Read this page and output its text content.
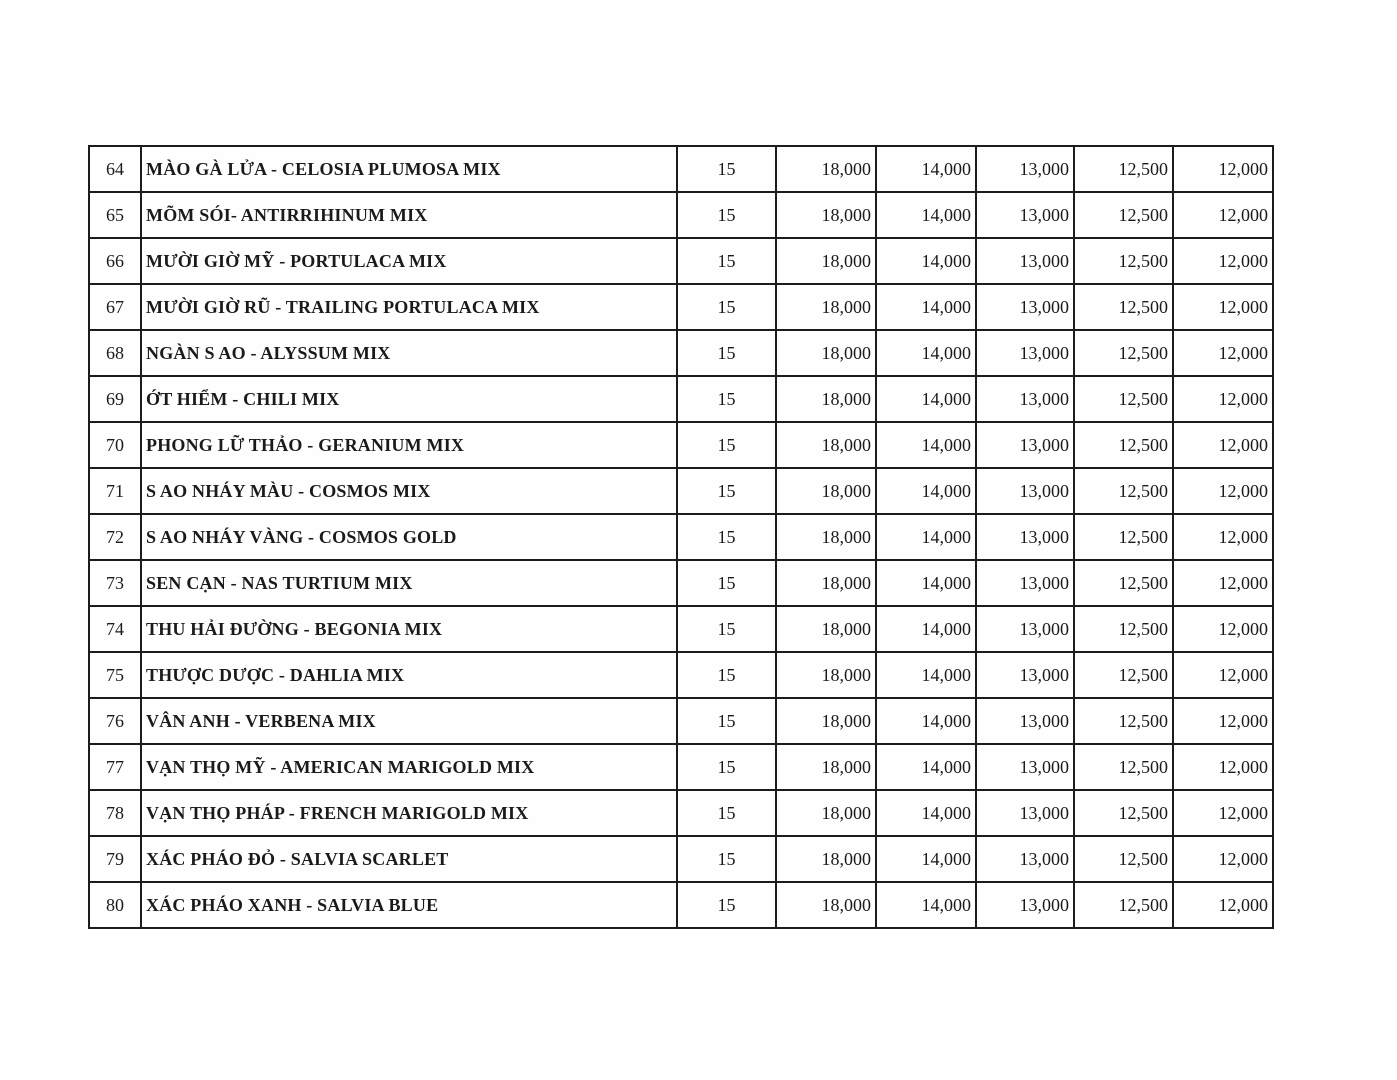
64	MÀO GÀ LỬA - CELOSIA PLUMOSA MIX	15	18,000	14,000	13,000	12,500	12,000
65	MÕM SÓI- ANTIRRIHINUM MIX	15	18,000	14,000	13,000	12,500	12,000
66	MƯỜI GIỜ MỸ - PORTULACA MIX	15	18,000	14,000	13,000	12,500	12,000
67	MƯỜI GIỜ RŨ - TRAILING PORTULACA MIX	15	18,000	14,000	13,000	12,500	12,000
68	NGÀN S AO - ALYSSUM MIX	15	18,000	14,000	13,000	12,500	12,000
69	ỚT HIỂM - CHILI MIX	15	18,000	14,000	13,000	12,500	12,000
70	PHONG LỮ THẢO - GERANIUM MIX	15	18,000	14,000	13,000	12,500	12,000
71	S AO NHÁY MÀU - COSMOS MIX	15	18,000	14,000	13,000	12,500	12,000
72	S AO NHÁY VÀNG - COSMOS GOLD	15	18,000	14,000	13,000	12,500	12,000
73	SEN CẠN - NAS TURTIUM MIX	15	18,000	14,000	13,000	12,500	12,000
74	THU HẢI ĐƯỜNG - BEGONIA MIX	15	18,000	14,000	13,000	12,500	12,000
75	THƯỢC DƯỢC - DAHLIA MIX	15	18,000	14,000	13,000	12,500	12,000
76	VÂN ANH - VERBENA MIX	15	18,000	14,000	13,000	12,500	12,000
77	VẠN THỌ MỸ - AMERICAN MARIGOLD MIX	15	18,000	14,000	13,000	12,500	12,000
78	VẠN THỌ PHÁP - FRENCH MARIGOLD MIX	15	18,000	14,000	13,000	12,500	12,000
79	XÁC PHÁO ĐỎ - SALVIA SCARLET	15	18,000	14,000	13,000	12,500	12,000
80	XÁC PHÁO XANH - SALVIA BLUE	15	18,000	14,000	13,000	12,500	12,000
